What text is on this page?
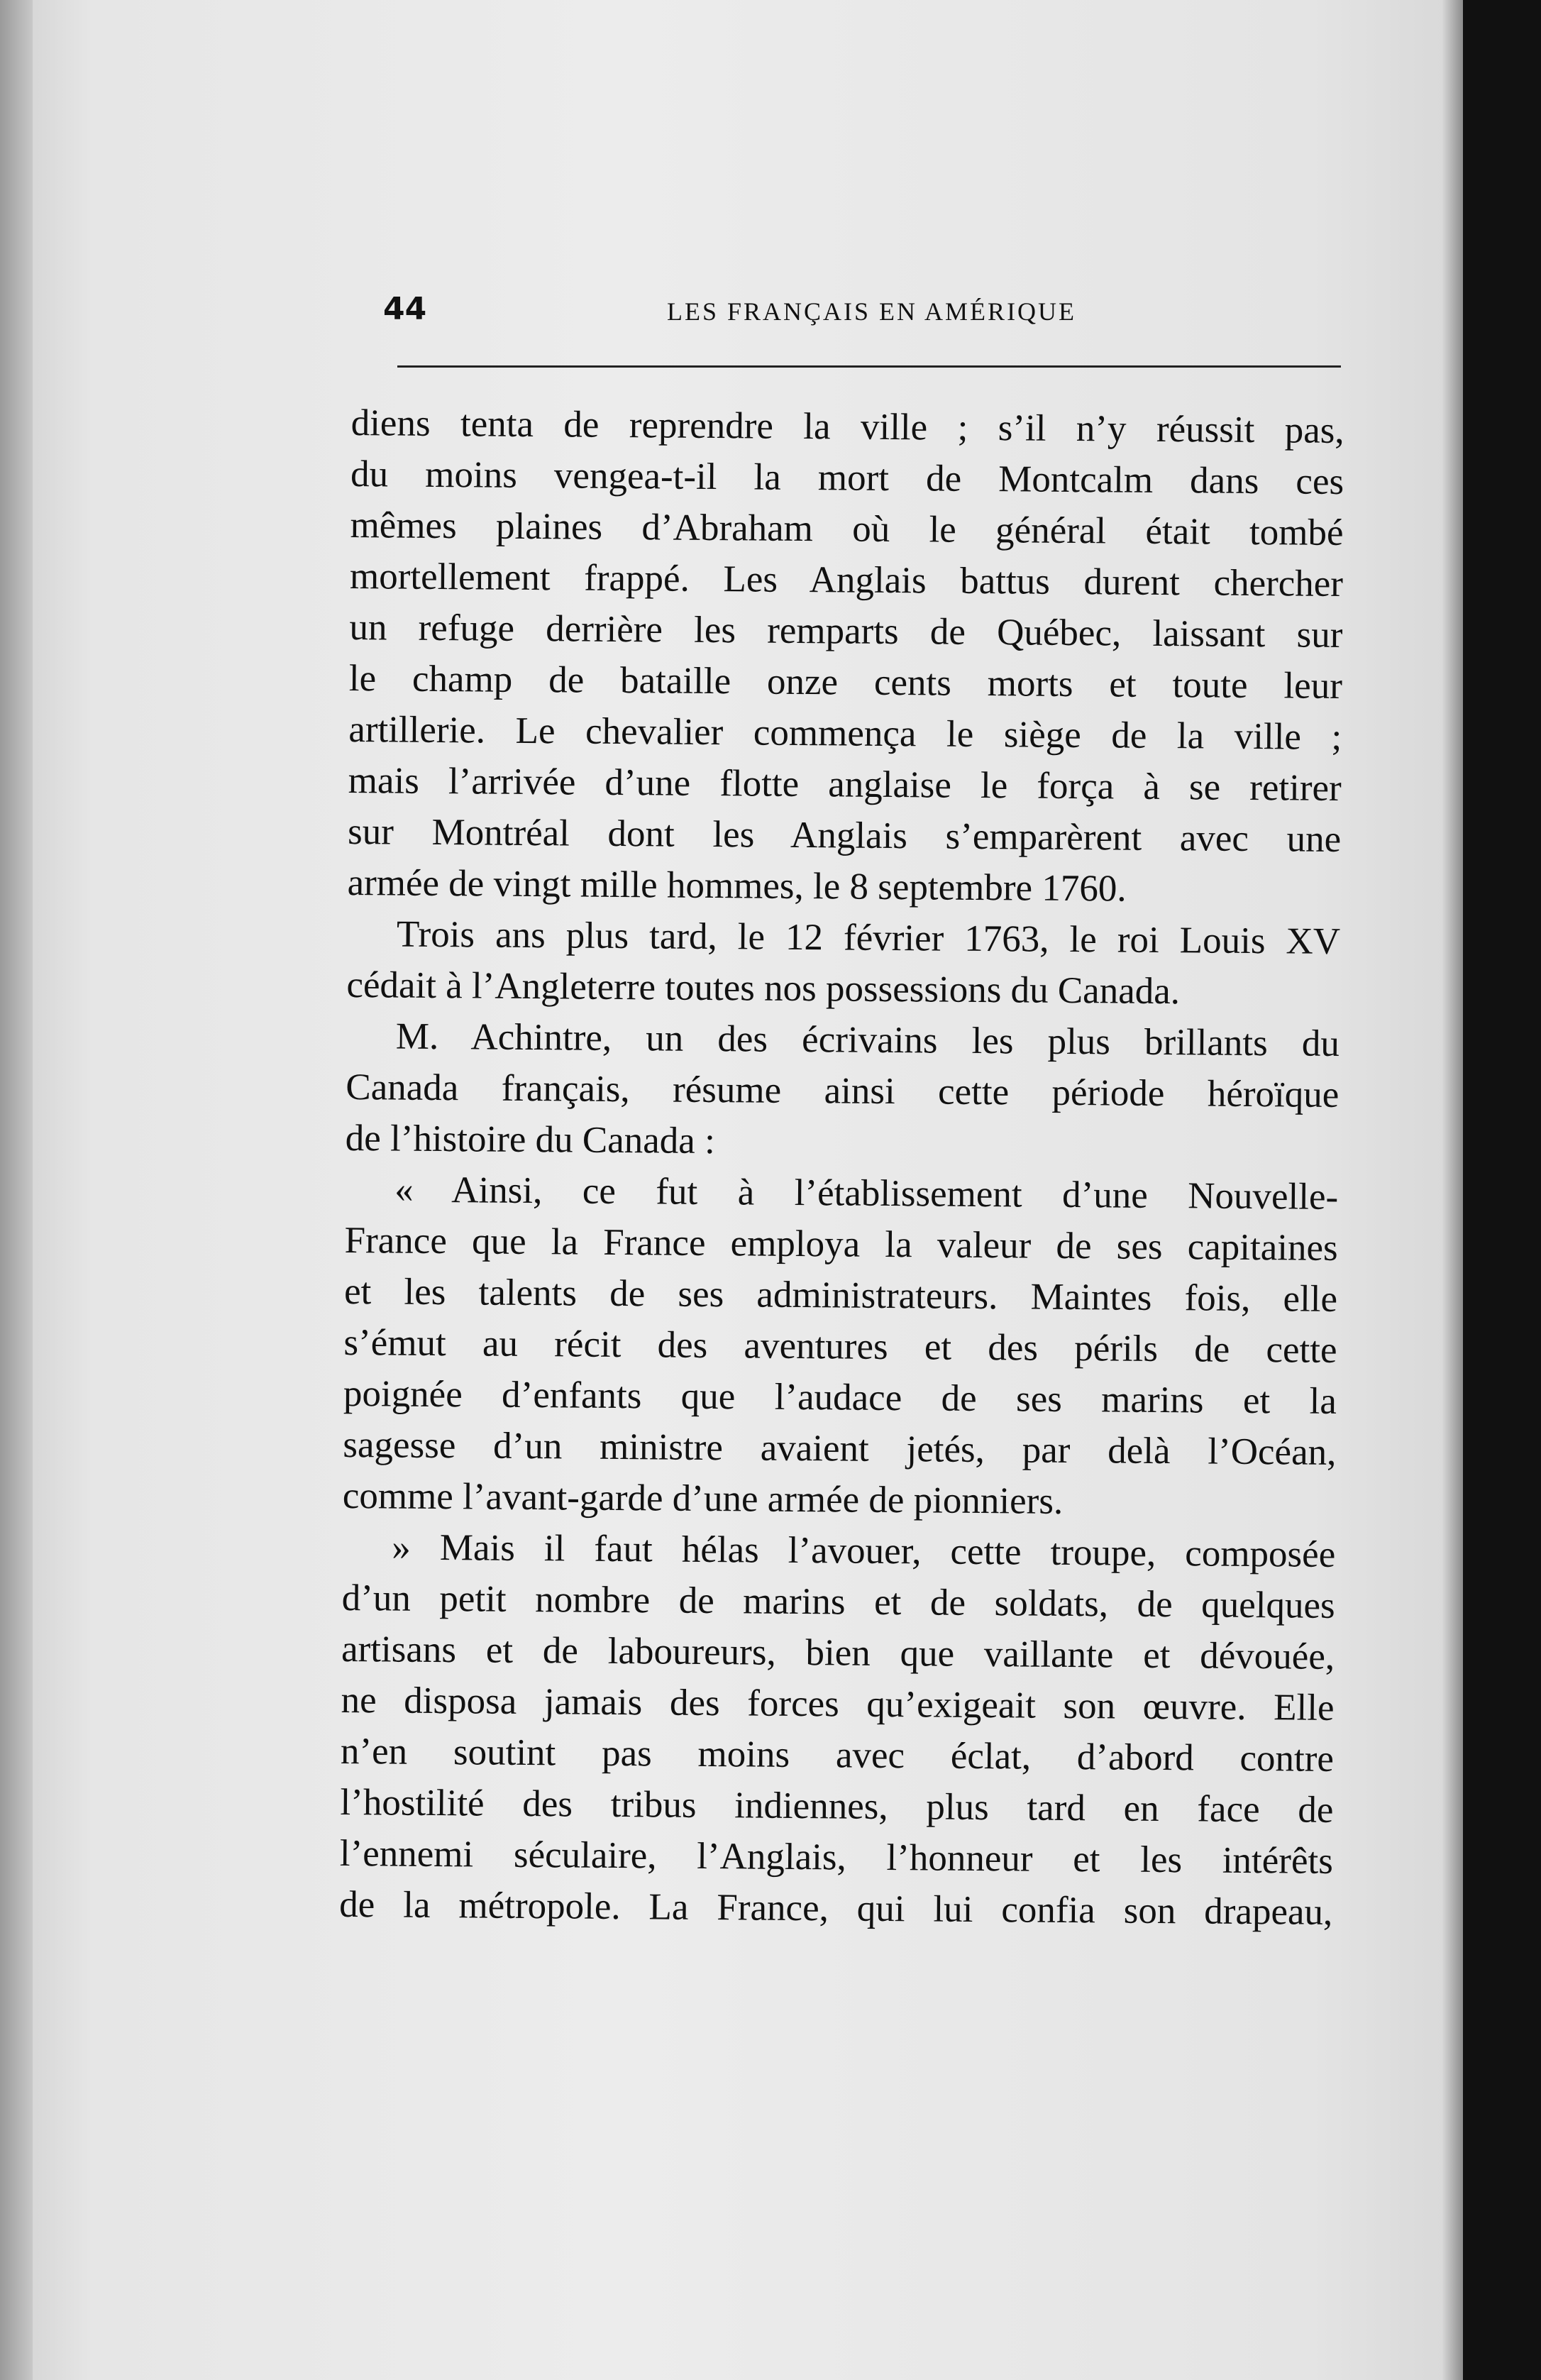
44	LES FRANÇAIS EN AMÉRIQUE
diens tenta de reprendre la ville ; s’il n’y réussit pas,
du moins vengea-t-il la mort de Montcalm dans ces
mêmes plaines d’Abraham où le général était tombé
mortellement frappé. Les Anglais battus durent chercher
un refuge derrière les remparts de Québec, laissant sur
le champ de bataille onze cents morts et toute leur
artillerie. Le chevalier commença le siège de la ville ;
mais l’arrivée d’une flotte anglaise le força à se retirer
sur Montréal dont les Anglais s’emparèrent avec une
armée de vingt mille hommes, le 8 septembre 1760.
Trois ans plus tard, le 12 février 1763, le roi Louis XV
cédait à l’Angleterre toutes nos possessions du Canada.
M. Achintre, un des écrivains les plus brillants du
Canada français, résume ainsi cette période héroïque
de l’histoire du Canada :
« Ainsi, ce fut à l’établissement d’une Nouvelle-
France que la France employa la valeur de ses capitaines
et les talents de ses administrateurs. Maintes fois, elle
s’émut au récit des aventures et des périls de cette
poignée d’enfants que l’audace de ses marins et la
sagesse d’un ministre avaient jetés, par delà l’Océan,
comme l’avant-garde d’une armée de pionniers.
» Mais il faut hélas l’avouer, cette troupe, composée
d’un petit nombre de marins et de soldats, de quelques
artisans et de laboureurs, bien que vaillante et dévouée,
ne disposa jamais des forces qu’exigeait son œuvre. Elle
n’en soutint pas moins avec éclat, d’abord contre
l’hostilité des tribus indiennes, plus tard en face de
l’ennemi séculaire, l’Anglais, l’honneur et les intérêts
de la métropole. La France, qui lui confia son drapeau,
